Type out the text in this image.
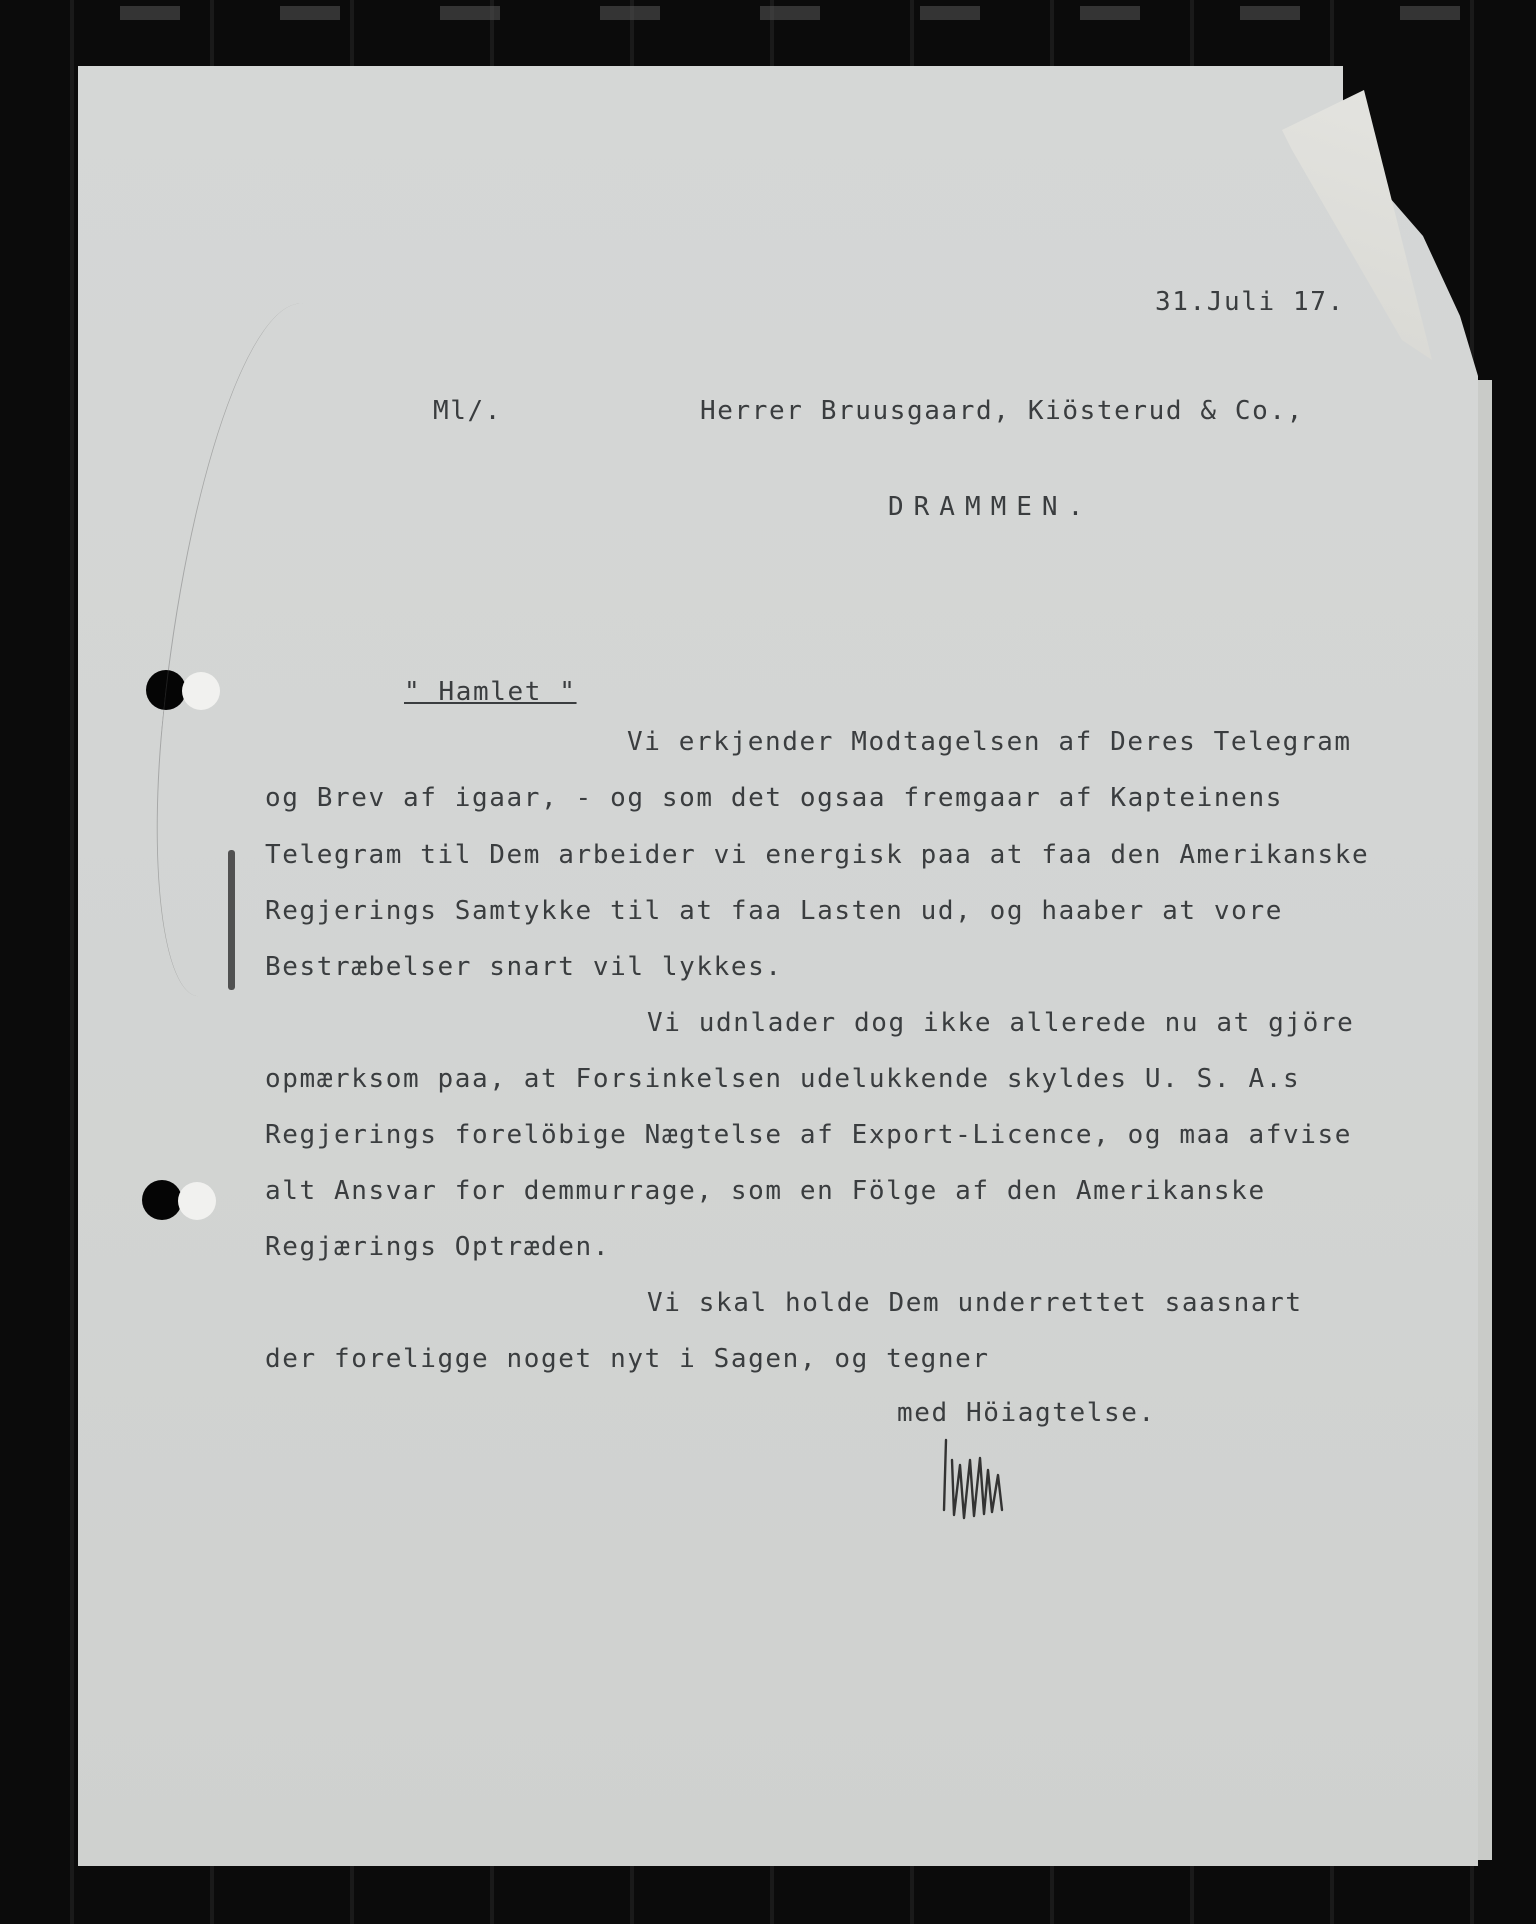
31.Juli 17.
Ml/.	Herrer Bruusgaard, Kiösterud & Co.,
DRAMMEN.
" Hamlet "
Vi erkjender Modtagelsen af Deres Telegram
og Brev af igaar, - og som det ogsaa fremgaar af Kapteinens
Telegram til Dem arbeider vi energisk paa at faa den Amerikanske
Regjerings Samtykke til at faa Lasten ud, og haaber at vore
Bestræbelser snart vil lykkes.
Vi udnlader dog ikke allerede nu at gjöre
opmærksom paa, at Forsinkelsen udelukkende skyldes U. S. A.s
Regjerings forelöbige Nægtelse af Export-Licence, og maa afvise
alt Ansvar for demmurrage, som en Fölge af den Amerikanske
Regjærings Optræden.
Vi skal holde Dem underrettet saasnart
der foreligge noget nyt i Sagen, og tegner
med Höiagtelse.
